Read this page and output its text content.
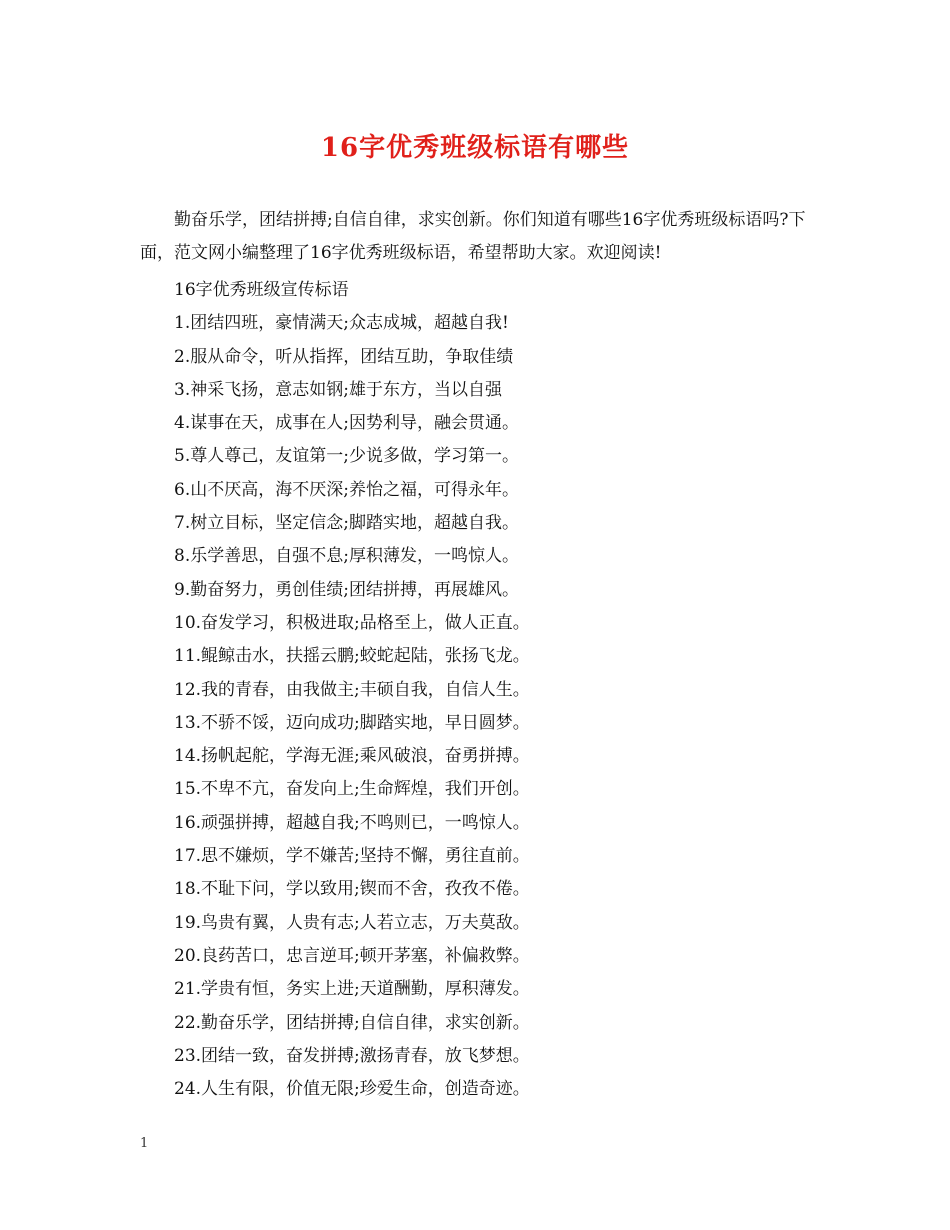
16字优秀班级标语有哪些

勤奋乐学，团结拼搏;自信自律，求实创新。你们知道有哪些16字优秀班级标语吗?下面，范文网小编整理了16字优秀班级标语，希望帮助大家。欢迎阅读!

16字优秀班级宣传标语
1.团结四班，豪情满天;众志成城，超越自我!
2.服从命令，听从指挥，团结互助，争取佳绩
3.神采飞扬，意志如钢;雄于东方，当以自强
4.谋事在天，成事在人;因势利导，融会贯通。
5.尊人尊己，友谊第一;少说多做，学习第一。
6.山不厌高，海不厌深;养怡之福，可得永年。
7.树立目标，坚定信念;脚踏实地，超越自我。
8.乐学善思，自强不息;厚积薄发，一鸣惊人。
9.勤奋努力，勇创佳绩;团结拼搏，再展雄风。
10.奋发学习，积极进取;品格至上，做人正直。
11.鲲鲸击水，扶摇云鹏;蛟蛇起陆，张扬飞龙。
12.我的青春，由我做主;丰硕自我，自信人生。
13.不骄不馁，迈向成功;脚踏实地，早日圆梦。
14.扬帆起舵，学海无涯;乘风破浪，奋勇拼搏。
15.不卑不亢，奋发向上;生命辉煌，我们开创。
16.顽强拼搏，超越自我;不鸣则已，一鸣惊人。
17.思不嫌烦，学不嫌苦;坚持不懈，勇往直前。
18.不耻下问，学以致用;锲而不舍，孜孜不倦。
19.鸟贵有翼，人贵有志;人若立志，万夫莫敌。
20.良药苦口，忠言逆耳;顿开茅塞，补偏救弊。
21.学贵有恒，务实上进;天道酬勤，厚积薄发。
22.勤奋乐学，团结拼搏;自信自律，求实创新。
23.团结一致，奋发拼搏;激扬青春，放飞梦想。
24.人生有限，价值无限;珍爱生命，创造奇迹。
1
